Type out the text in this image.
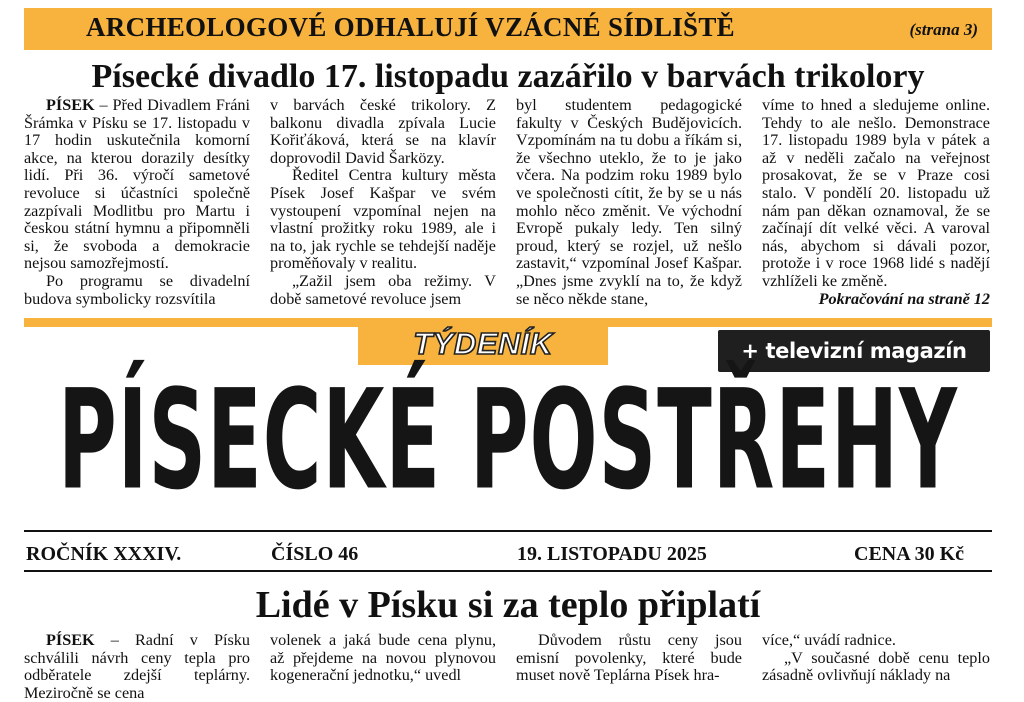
ARCHEOLOGOVÉ ODHALUJÍ VZÁCNÉ SÍDLIŠTĚ	(strana 3)
Písecké divadlo 17. listopadu zazářilo v barvách trikolory

PÍSEK – Před Divadlem Fráni Šrámka v Písku se 17. listopadu v 17 hodin uskutečnila komorní akce, na kterou dorazily desítky lidí. Při 36. výročí sametové revoluce si účastníci společně zazpívali Modlitbu pro Martu i českou státní hymnu a připomněli si, že svoboda a demokracie nejsou samozřejmostí.

Po programu se divadelní budova symbolicky rozsvítila

v barvách české trikolory. Z balkonu divadla zpívala Lucie Kořiťáková, která se na klavír doprovodil David Šarközy.

Ředitel Centra kultury města Písek Josef Kašpar ve svém vystoupení vzpomínal nejen na vlastní prožitky roku 1989, ale i na to, jak rychle se tehdejší naděje proměňovaly v realitu.

„Zažil jsem oba režimy. V době sametové revoluce jsem

byl studentem pedagogické fakulty v Českých Budějovicích. Vzpomínám na tu dobu a říkám si, že všechno uteklo, že to je jako včera. Na podzim roku 1989 bylo ve společnosti cítit, že by se u nás mohlo něco změnit. Ve východní Evropě pukaly ledy. Ten silný proud, který se rozjel, už nešlo zastavit,“ vzpomínal Josef Kašpar. „Dnes jsme zvyklí na to, že když se něco někde stane,

víme to hned a sledujeme online. Tehdy to ale nešlo. Demonstrace 17. listopadu 1989 byla v pátek a až v neděli začalo na veřejnost prosakovat, že se v Praze cosi stalo. V pondělí 20. listopadu už nám pan děkan oznamoval, že se začínají dít velké věci. A varoval nás, abychom si dávali pozor, protože i v roce 1968 lidé s nadějí vzhlíželi ke změně.

Pokračování na straně 12

TÝDENÍK	+ televizní magazín
PÍSECKÉ POSTŘEHY
ROČNÍK XXXIV.	ČÍSLO 46	19. LISTOPADU 2025	CENA 30 Kč
Lidé v Písku si za teplo připlatí

PÍSEK – Radní v Písku schválili návrh ceny tepla pro odběratele zdejší teplárny. Meziročně se cena

volenek a jaká bude cena plynu, až přejdeme na novou plynovou kogenerační jednotku,“ uvedl

Důvodem růstu ceny jsou emisní povolenky, které bude muset nově Teplárna Písek hra-

více,“ uvádí radnice.

„V současné době cenu teplo zásadně ovlivňují náklady na
